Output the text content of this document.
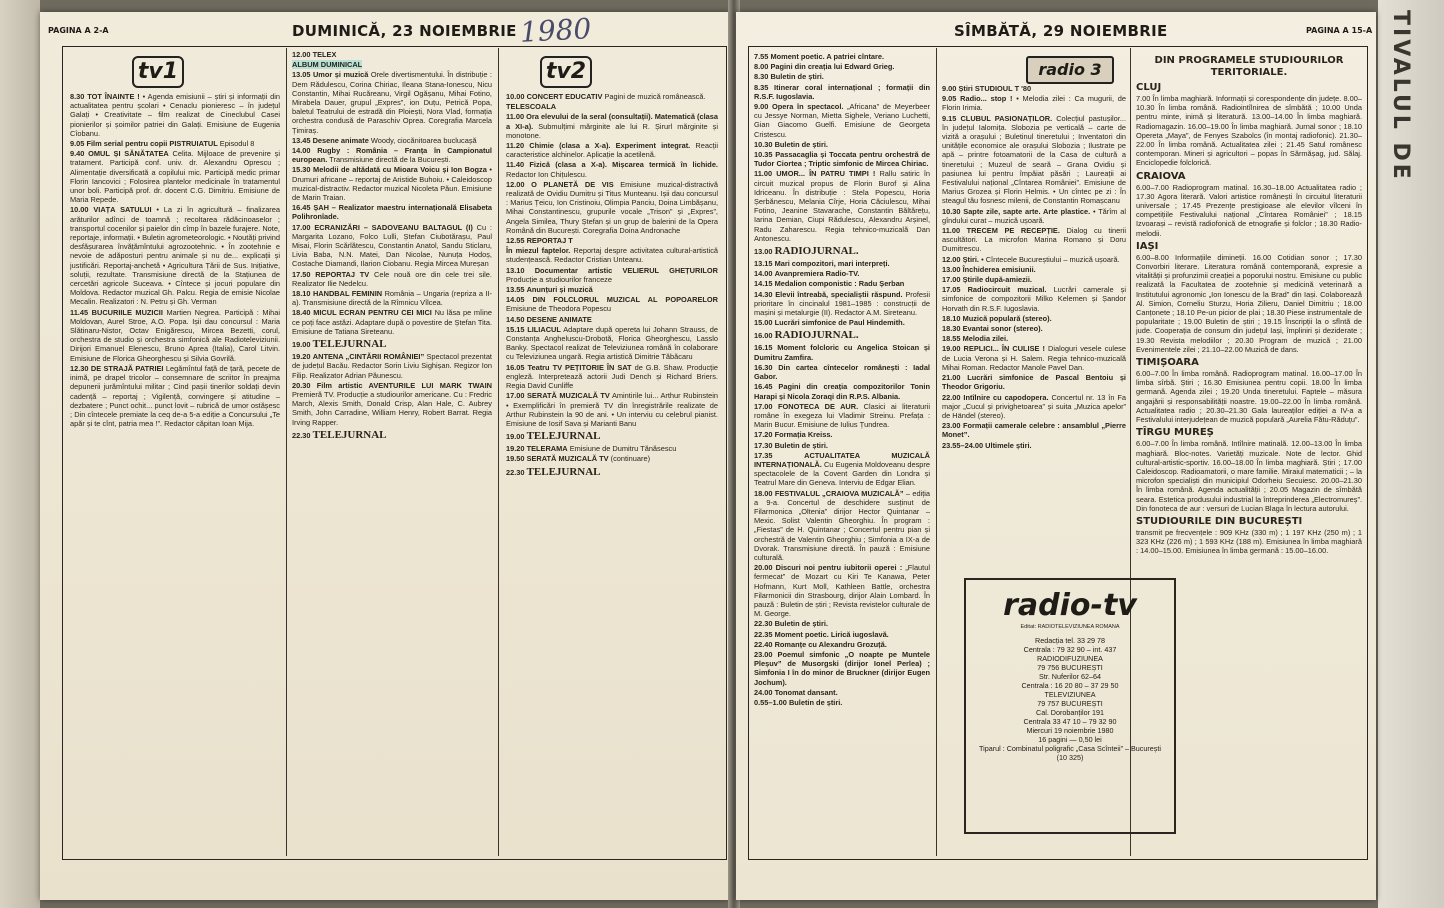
TIVALUL DE
PAGINA A 2-A	DUMINICĂ, 23 NOIEMBRIE 1980
tv1	tv2
8.30 TOT ÎNAINTE ! • Agenda emisiunii – știri și informații din actualitatea pentru școlari • Cenaclu pionieresc – în județul Galați • Creativitate – film realizat de Cineclubul Casei pionierilor și șoimilor patriei din Galați. Emisiune de Eugenia Cîobanu.
9.05 Film serial pentru copii PISTRUIATUL Episodul 8
9.40 OMUL ȘI SĂNĂTATEA Celita. Mijloace de prevenire și tratament. Participă conf. univ. dr. Alexandru Oprescu ; Alimentație diversificată a copilului mic. Participă medic primar Florin Iancovici ; Folosirea plantelor medicinale în tratamentul unor boli. Participă prof. dr. docent C.G. Dimitriu. Emisiune de Maria Repede.
10.00 VIAȚA SATULUI • La zi în agricultură – finalizarea arăturilor adînci de toamnă ; recoltarea rădăcinoaselor ; transportul cocenilor și paielor din cîmp în bazele furajere. Note, reportaje, informații. • Buletin agrometeorologic. • Noutăți privind desfășurarea învățămîntului agrozootehnic. • În zootehnie e nevoie de adăposturi pentru animale și nu de... explicații și justificări. Reportaj-anchetă • Agricultura Țării de Sus. Inițiative, soluții, rezultate. Transmisiune directă de la Stațiunea de cercetări agricole Suceava. • Cîntece și jocuri populare din Moldova. Redactor muzical Gh. Palcu. Regia de emisie Nicolae Mecalin. Realizatori : N. Petru și Gh. Verman
11.45 BUCURIILE MUZICII Martien Negrea. Participă : Mihai Moldovan, Aurel Stroe, A.O. Popa. Ișii dau concursul : Maria Slătinaru-Nistor, Octav Enigărescu, Mircea Bezetti, corul, orchestra de studio și orchestra simfonică ale Radioteleviziunii. Dirijori Emanuel Elenescu, Bruno Aprea (Italia), Carol Litvin. Emisiune de Florica Gheorghescu și Silvia Govrilă.
12.30 DE STRAJĂ PATRIEI Legămîntul față de țară, pecete de inimă, pe drapel tricolor – consemnare de scriitor în preajma depunerii jurămîntului militar ; Cind pașii tinerilor soldați devin cadență – reportaj ; Vigilență, convingere și atitudine – dezbatere ; Punct ochit... punct lovit – rubrică de umor ostășesc ; Din cîntecele premiate la ceq de-a 5-a ediție a Concursului „Te apăr și te cînt, patria mea !”. Redactor căpitan Ioan Mija.
12.00 TELEX
ALBUM DUMINICAL
13.05 Umor și muzică Orele divertismentului. În distribuție : Dem Rădulescu, Corina Chiriac, Ileana Stana-Ionescu, Nicu Constantin, Mihai Rucăreanu, Virgil Ogășanu, Mihai Fotino, Mirabela Dauer, grupul „Expres”, ion Duțu, Petrică Popa, baletul Teatrului de estradă din Ploiești, Nora Vlad, formația orchestra condusă de Paraschiv Oprea. Coregrafia Marcela Țimiraș.
13.45 Desene animate Woody, ciocănitoarea buclucașă
14.00 Rugby : România – Franța în Campionatul european. Transmisiune directă de la București.
15.30 Melodii de altădată cu Mioara Voicu și Ion Bogza • Drumuri africane – reportaj de Aristide Buhoiu. • Caleidoscop muzical-distractiv. Redactor muzical Nicoleta Păun. Emisiune de Marin Traian.
16.45 ȘAH – Realizator maestru internațională Elisabeta Polihronîade.
17.00 ECRANIZĂRI – SADOVEANU BALTAGUL (I) Cu : Margarita Lozano, Folco Lulli, Ștefan Ciubotărașu, Paul Misai, Florin Scărlătescu, Constantin Anatol, Sandu Sticlaru, Livia Baba, N.N. Matei, Dan Nicolae, Nunuța Hodoș, Costache Diamandi, Ilarion Ciobanu. Regia Mircea Mureșan
17.50 REPORTAJ TV Cele nouă ore din cele trei sile. Realizator Ilie Nedelcu.
18.10 HANDBAL FEMININ România – Ungaria (repriza a II-a). Transmisiune directă de la Rîmnicu Vîlcea.
18.40 MICUL ECRAN PENTRU CEI MICI Nu lăsa pe mîine ce poți face astăzi. Adaptare după o povestire de Ștefan Tita. Emisiune de Tatiana Sireteanu.
19.00 TELEJURNAL
19.20 ANTENA „CINTĂRII ROMÂNIEI” Spectacol prezentat de județul Bacău. Redactor Sorin Liviu Sighișan. Regizor Ion Filip. Realizator Adrian Păunescu.
20.30 Film artistic AVENTURILE LUI MARK TWAIN Premieră TV. Producție a studiourilor americane. Cu : Fredric March, Alexis Smith, Donald Crisp, Alan Hale, C. Aubrey Smith, John Carradine, William Henry, Robert Barrat. Regia Irving Rapper.
22.30 TELEJURNAL
10.00 CONCERT EDUCATIV Pagini de muzică românească.
TELESCOALA
11.00 Ora elevului de la seral (consultații). Matematică (clasa a XI-a). Submulțimi mărginite ale lui R. Șirurl mărginite și monotone.
11.20 Chimie (clasa a X-a). Experiment integrat. Reacții caracteristice alchinelor. Aplicație la acetilenă.
11.40 Fizică (clasa a X-a). Mișcarea termică în lichide. Redactor Ion Chițulescu.
12.00 O PLANETĂ DE VIS Emisiune muzical-distractivă realizată de Ovidiu Dumitru și Titus Munteanu. Ișii dau concursul : Marius Țeicu, Ion Cristinoiu, Olimpia Panciu, Doina Limbășanu, Mihai Constantinescu, grupurile vocale „Trison” și „Expres”, Angela Similea, Thury Ștefan și un grup de balerini de la Opera Română din București. Coregrafia Doina Andronache
12.55 REPORTAJ T
În miezul faptelor. Reportaj despre activitatea cultural-artistică studențească. Redactor Cristian Unteanu.
13.10 Documentar artistic VELIERUL GHEȚURILOR Producție a studiourilor franceze
13.55 Anunțuri și muzică
14.05 DIN FOLCLORUL MUZICAL AL POPOARELOR Emisiune de Theodora Popescu
14.50 DESENE ANIMATE
15.15 LILIACUL Adaptare după opereta lui Johann Strauss, de Constanța Angheluscu-Drobotă, Florica Gheorghescu, Lasslo Banky. Spectacol realizat de Televiziunea română în colaborare cu Televiziunea ungară. Regia artistică Dimitrie Tăbăcaru
16.05 Teatru TV PEȚITORIE ÎN SAT de G.B. Shaw. Producție engleză. Interpretează actorii Judi Dench și Richard Briers. Regia David Cunliffe
17.00 SERATĂ MUZICALĂ TV Amintirile lui... Arthur Rubinstein • Exemplificări în premieră TV din înregistrările realizate de Arthur Rubinstein la 90 de ani. • Un interviu cu celebrul pianist. Emisiune de Iosif Sava și Marianti Banu
19.00 TELEJURNAL
19.20 TELERAMA Emisiune de Dumitru Tănăsescu
19.50 SERATĂ MUZICALĂ TV (continuare)
22.30 TELEJURNAL
SÎMBĂTĂ, 29 NOIEMBRIE	PAGINA A 15-A
7.55 Moment poetic. A patriei cîntare.
8.00 Pagini din creația lui Edward Grieg.
8.30 Buletin de știri.
8.35 Itinerar coral internațional ; formații din R.S.F. Iugoslavia.
9.00 Opera în spectacol. „Africana” de Meyerbeer cu Jessye Norman, Mietta Sighele, Veriano Luchetti, Gian Giacomo Guelfi. Emisiune de Georgeta Cristescu.
10.30 Buletin de știri.
10.35 Passacaglia și Toccata pentru orchestră de Tudor Ciortea ; Triptic simfonic de Mircea Chiriac.
11.00 UMOR... ÎN PATRU TIMPI ! Rallu satiric în circuit muzical propus de Florin Burof și Alina Idriceanu. În distribuție : Stela Popescu, Horia Șerbănescu, Melania Cîrje, Horia Căciulescu, Mihai Fotino, Jeanine Stavarache, Constantin Băltărețu, Iarina Demian, Ciupi Rădulescu, Alexandru Arșinel, Radu Zaharescu. Regia tehnico-muzicală Dan Antonescu.
13.00 RADIOJURNAL.
13.15 Mari compozitori, mari interpreți.
14.00 Avanpremiera Radio-TV.
14.15 Medalion componistic : Radu Șerban
14.30 Elevii întreabă, specialiștii răspund. Profesii prioritare în cincinalul 1981–1985 : construcții de mașini și metalurgie (II). Redactor A.M. Sireteanu.
15.00 Lucrări simfonice de Paul Hindemith.
16.00 RADIOJURNAL.
16.15 Moment folcloric cu Angelica Stoican și Dumitru Zamfira.
16.30 Din cartea cîntecelor românești : Iadal Gabor.
16.45 Pagini din creația compozitorilor Tonin Harapi și Nicola Zoraqi din R.P.S. Albania.
17.00 FONOTECA DE AUR. Clasici ai literaturii române în exegeza lui Vladimir Streinu. Prefața : Marin Bucur. Emisiune de Iulius Țundrea.
17.20 Formația Kreiss.
17.30 Buletin de știri.
17.35	ACTUALITATEA MUZICALĂ INTERNAȚIONALĂ. Cu Eugenia Moldoveanu despre spectacolele de la Covent Garden din Londra și Teatrul Mare din Geneva. Interviu de Edgar Elian.
18.00 FESTIVALUL „CRAIOVA MUZICALĂ” – ediția a 9-a. Concertul de deschidere susținut de Filarmonica „Oltenia” dirijor Hector Quintanar – Mexic. Solist Valentin Gheorghiu. În program : „Fiestas” de H. Quintanar ; Concertul pentru pian și orchestră de Valentin Gheorghiu ; Simfonia a IX-a de Dvorak. Transmisiune directă. În pauză : Emisiune culturală.
20.00 Discuri noi pentru iubitorii operei : „Flautul fermecat” de Mozart cu Kiri Te Kanawa, Peter Hofmann, Kurt Moll, Kathleen Battle, orchestra Filarmonicii din Strasbourg, dirijor Alain Lombard. În pauză : Buletin de știri ; Revista revistelor culturale de M. George.
22.30 Buletin de știri.
22.35 Moment poetic. Lirică iugoslavă.
22.40 Romanțe cu Alexandru Grozuță.
23.00 Poemul simfonic „O noapte pe Muntele Pleșuv” de Musorgski (dirijor Ionel Perlea) ; Simfonia I în do minor de Bruckner (dirijor Eugen Jochum).
24.00 Tonomat dansant.
0.55–1.00 Buletin de știri.
radio 3
9.00 Știri STUDIOUL T '80
9.05 Radio... stop ! • Melodia zilei : Ca mugurii, de Florin Irimia.
9.15 CLUBUL PASIONAȚILOR. Colecțiul pastușilor... în județul Ialomița. Slobozia pe verticală – carte de vizită a orașului ; Buletinul tineretului ; Inventatori din unitățile economice ale orașului Slobozia ; Ilustrate pe apă – printre fotoamatorii de la Casa de cultură a tineretului ; Muzeul de seară – Grana Ovidiu și pasiunea lui pentru împăiat păsări ; Laureații ai Festivalului național „Cîntarea României”. Emisiune de Marius Grozea și Florin Helmis. • Un cîntec pe zi : În steagul tău fosnesc milenii, de Constantin Romașcanu
10.30 Sapte zile, sapte arte. Arte plastice. • Tărîm al gîndului curat – muzică ușoară.
11.00 TRECEM PE RECEPȚIE. Dialog cu tinerii ascultători. La microfon Marina Romano și Doru Dumitrescu.
12.00 Știri. • Cîntecele Bucureștiului – muzică ușoară.
13.00 Închiderea emisiunii.
17.00 Știrile după-amiezii.
17.05 Radiocircuit muzical. Lucrări camerale și simfonice de compozitorii Milko Kelemen și Șandor Horvath din R.S.F. Iugoslavia.
18.10 Muzică populară (stereo).
18.30 Evantai sonor (stereo).
18.55 Melodia zilei.
19.00 REPLICI... ÎN CULISE ! Dialoguri vesele culese de Lucia Verona și H. Salem. Regia tehnico-muzicală Mihai Roman. Redactor Manole Pavel Dan.
21.00 Lucrări simfonice de Pascal Bentoiu și Theodor Grigoriu.
22.00 Intîlnire cu capodopera. Concertul nr. 13 în Fa major „Cucul și privighetoarea” și suita „Muzica apelor” de Händel (stereo).
23.00 Formații camerale celebre : ansamblul „Pierre Monet”.
23.55–24.00 Ultimele știri.
radio-tv
Editat: RADIOTELEVIZIUNEA ROMANA
Redacția tel. 33 29 78
Centrala : 79 32 90 – int. 437
RADIODIFUZIUNEA
79 756 BUCUREȘTI
Str. Nuferilor 62–64
Centrala : 16 20 80 – 37 29 50
TELEVIZIUNEA
79 757 BUCUREȘTI
Cal. Dorobanților 191
Centrala 33 47 10 – 79 32 90
Miercuri 19 noiembrie 1980
16 pagini — 0,50 lei
Tiparul : Combinatul poligrafic „Casa Scînteii” – București
(10 325)
DIN PROGRAMELE STUDIOURILOR TERITORIALE.
CLUJ
7.00 În limba maghiară. Informații și corespondențe din județe. 8.00–10.30 În limba română. Radiointîlnirea de sîmbătă ; 10.00 Unda pentru minte, inimă și literatură. 13.00–14.00 În limba maghiară. Radiomagazin. 16.00–19.00 În limba maghiară. Jurnal sonor ; 18.10 Opereta „Maya”, de Fenyes Szabolcs (în montaj radiofonic). 21.30–22.00 În limba română. Actualitatea zilei ; 21.45 Satul românesc contemporan. Mineri și agricultori – popas în Sărmășag, jud. Sălaj. Enciclopedie folclorică.
CRAIOVA
6.00–7.00 Radioprogram matinal. 16.30–18.00 Actualitatea radio ; 17.30 Agora literară. Valori artistice românești în circuitul literaturii universale ; 17.45 Prezențe prestigioase ale elevilor vîlceni în competițiile Festivalului național „Cîntarea României” ; 18.15 Izvoarași – revistă radiofonică de etnografie și folclor ; 18.30 Radio-melodii.
IAȘI
6.00–8.00 Informațiile dimineții. 16.00 Cotidian sonor ; 17.30 Convorbiri literare. Literatura română contemporană, expresie a vitalității și profunzimii creației a poporului nostru. Emisiune cu public realizată la Facultatea de zootehnie și medicină veterinară a Institutului agronomic „Ion Ionescu de la Brad” din Iași. Colaborează Al. Simion, Corneliu Sturzu, Horia Zilieru, Daniel Dimitriu ; 18.00 Canțonete ; 18.10 Pe-un picior de plai ; 18.30 Piese instrumentale de popularitate ; 19.00 Buletin de știri ; 19.15 Înscripții la o sfîntă de jude. Cooperația de consum din județul Iași, împliniri și deziderate ; 19.30 Revista melodiilor ; 20.30 Program de muzică ; 21.00 Evenimentele zilei ; 21.10–22.00 Muzică de dans.
TIMIȘOARA
6.00–7.00 În limba română. Radioprogram matinal. 16.00–17.00 În limba sîrbă. Știri ; 16.30 Emisiunea pentru copii. 18.00 În limba germană. Agenda zilei ; 19.20 Unda tineretului. Faptele – măsura angajării și responsabilității noastre. 19.00–22.00 În limba română. Actualitatea radio ; 20.30–21.30 Gala laureaților ediției a IV-a a Festivalului interjudețean de muzică populară „Aurelia Fătu-Răduțu”.
TÎRGU MUREȘ
6.00–7.00 În limba română. Intîlnire matinală. 12.00–13.00 În limba maghiară. Bloc-notes. Varietăți muzicale. Note de lector. Ghid cultural-artistic-sportiv. 16.00–18.00 În limba maghiară. Știri ; 17.00 Caleidoscop. Radioamatorii, o mare familie. Miraiul matematicii ; – la microfon specialiști din municipiul Odorheiu Secuiesc. 20.00–21.30 În limba română. Agenda actualității ; 20.05 Magazin de sîmbătă seara. Estetica produsului industrial la întreprinderea „Electromureș”. Din fonoteca de aur : versuri de Lucian Blaga în lectura autorului.
STUDIOURILE DIN BUCUREȘTI
transmit pe frecvențele : 909 KHz (330 m) ; 1 197 KHz (250 m) ; 1 323 KHz (226 m) ; 1 593 KHz (188 m). Emisiunea în limba maghiară : 14.00–15.00. Emisiunea în limba germană : 15.00–16.00.
